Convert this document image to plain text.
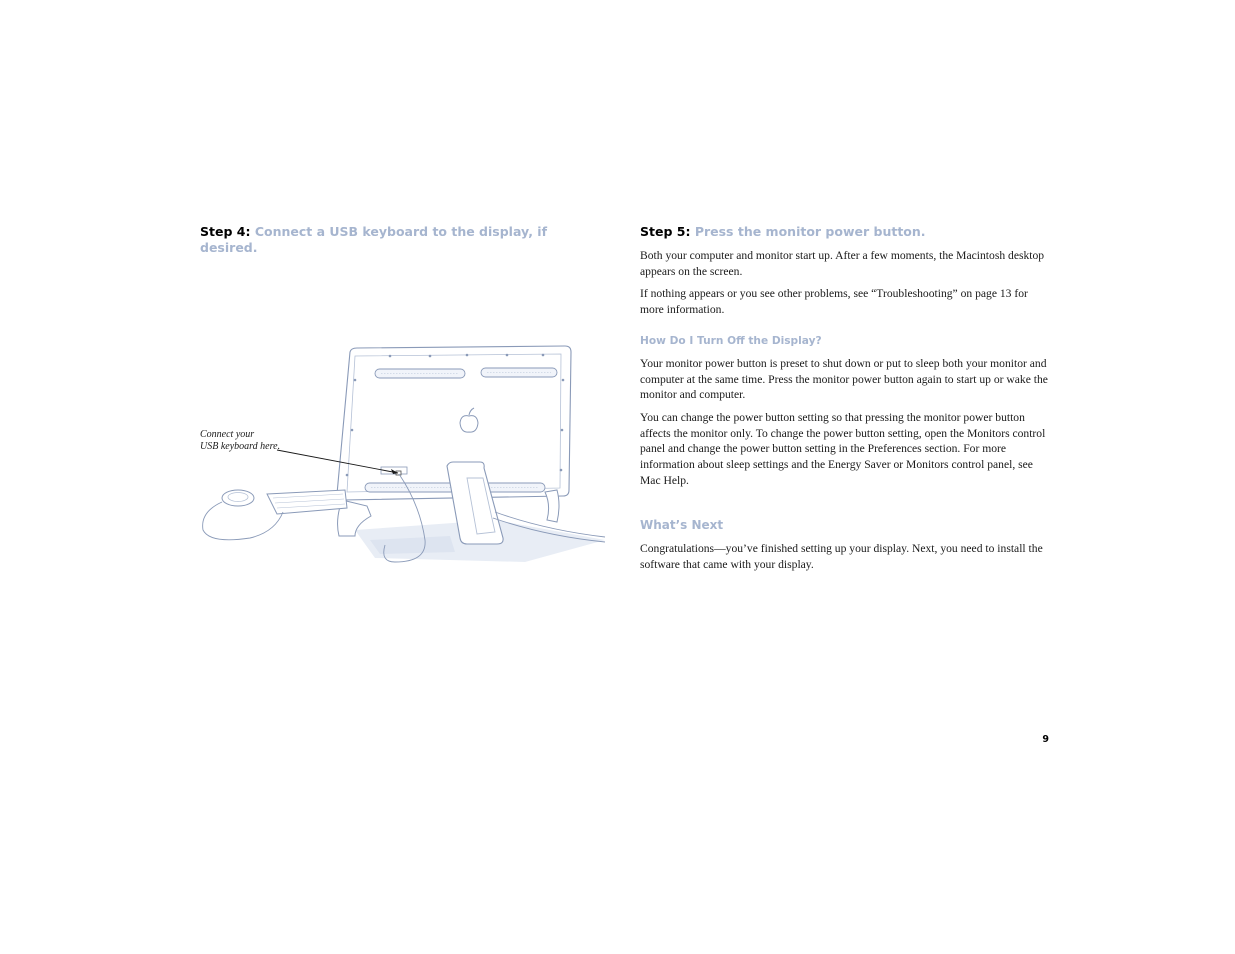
Step 4: Connect a USB keyboard to the display, if desired.

Connect your
USB keyboard here.

Step 5: Press the monitor power button.

Both your computer and monitor start up. After a few moments, the Macintosh desktop appears on the screen.

If nothing appears or you see other problems, see “Troubleshooting” on page 13 for more information.

How Do I Turn Off the Display?

Your monitor power button is preset to shut down or put to sleep both your monitor and computer at the same time. Press the monitor power button again to start up or wake the monitor and computer.

You can change the power button setting so that pressing the monitor power button affects the monitor only. To change the power button setting, open the Monitors control panel and change the power button setting in the Preferences section. For more information about sleep settings and the Energy Saver or Monitors control panel, see Mac Help.

What’s Next

Congratulations—you’ve finished setting up your display. Next, you need to install the software that came with your display.

9
